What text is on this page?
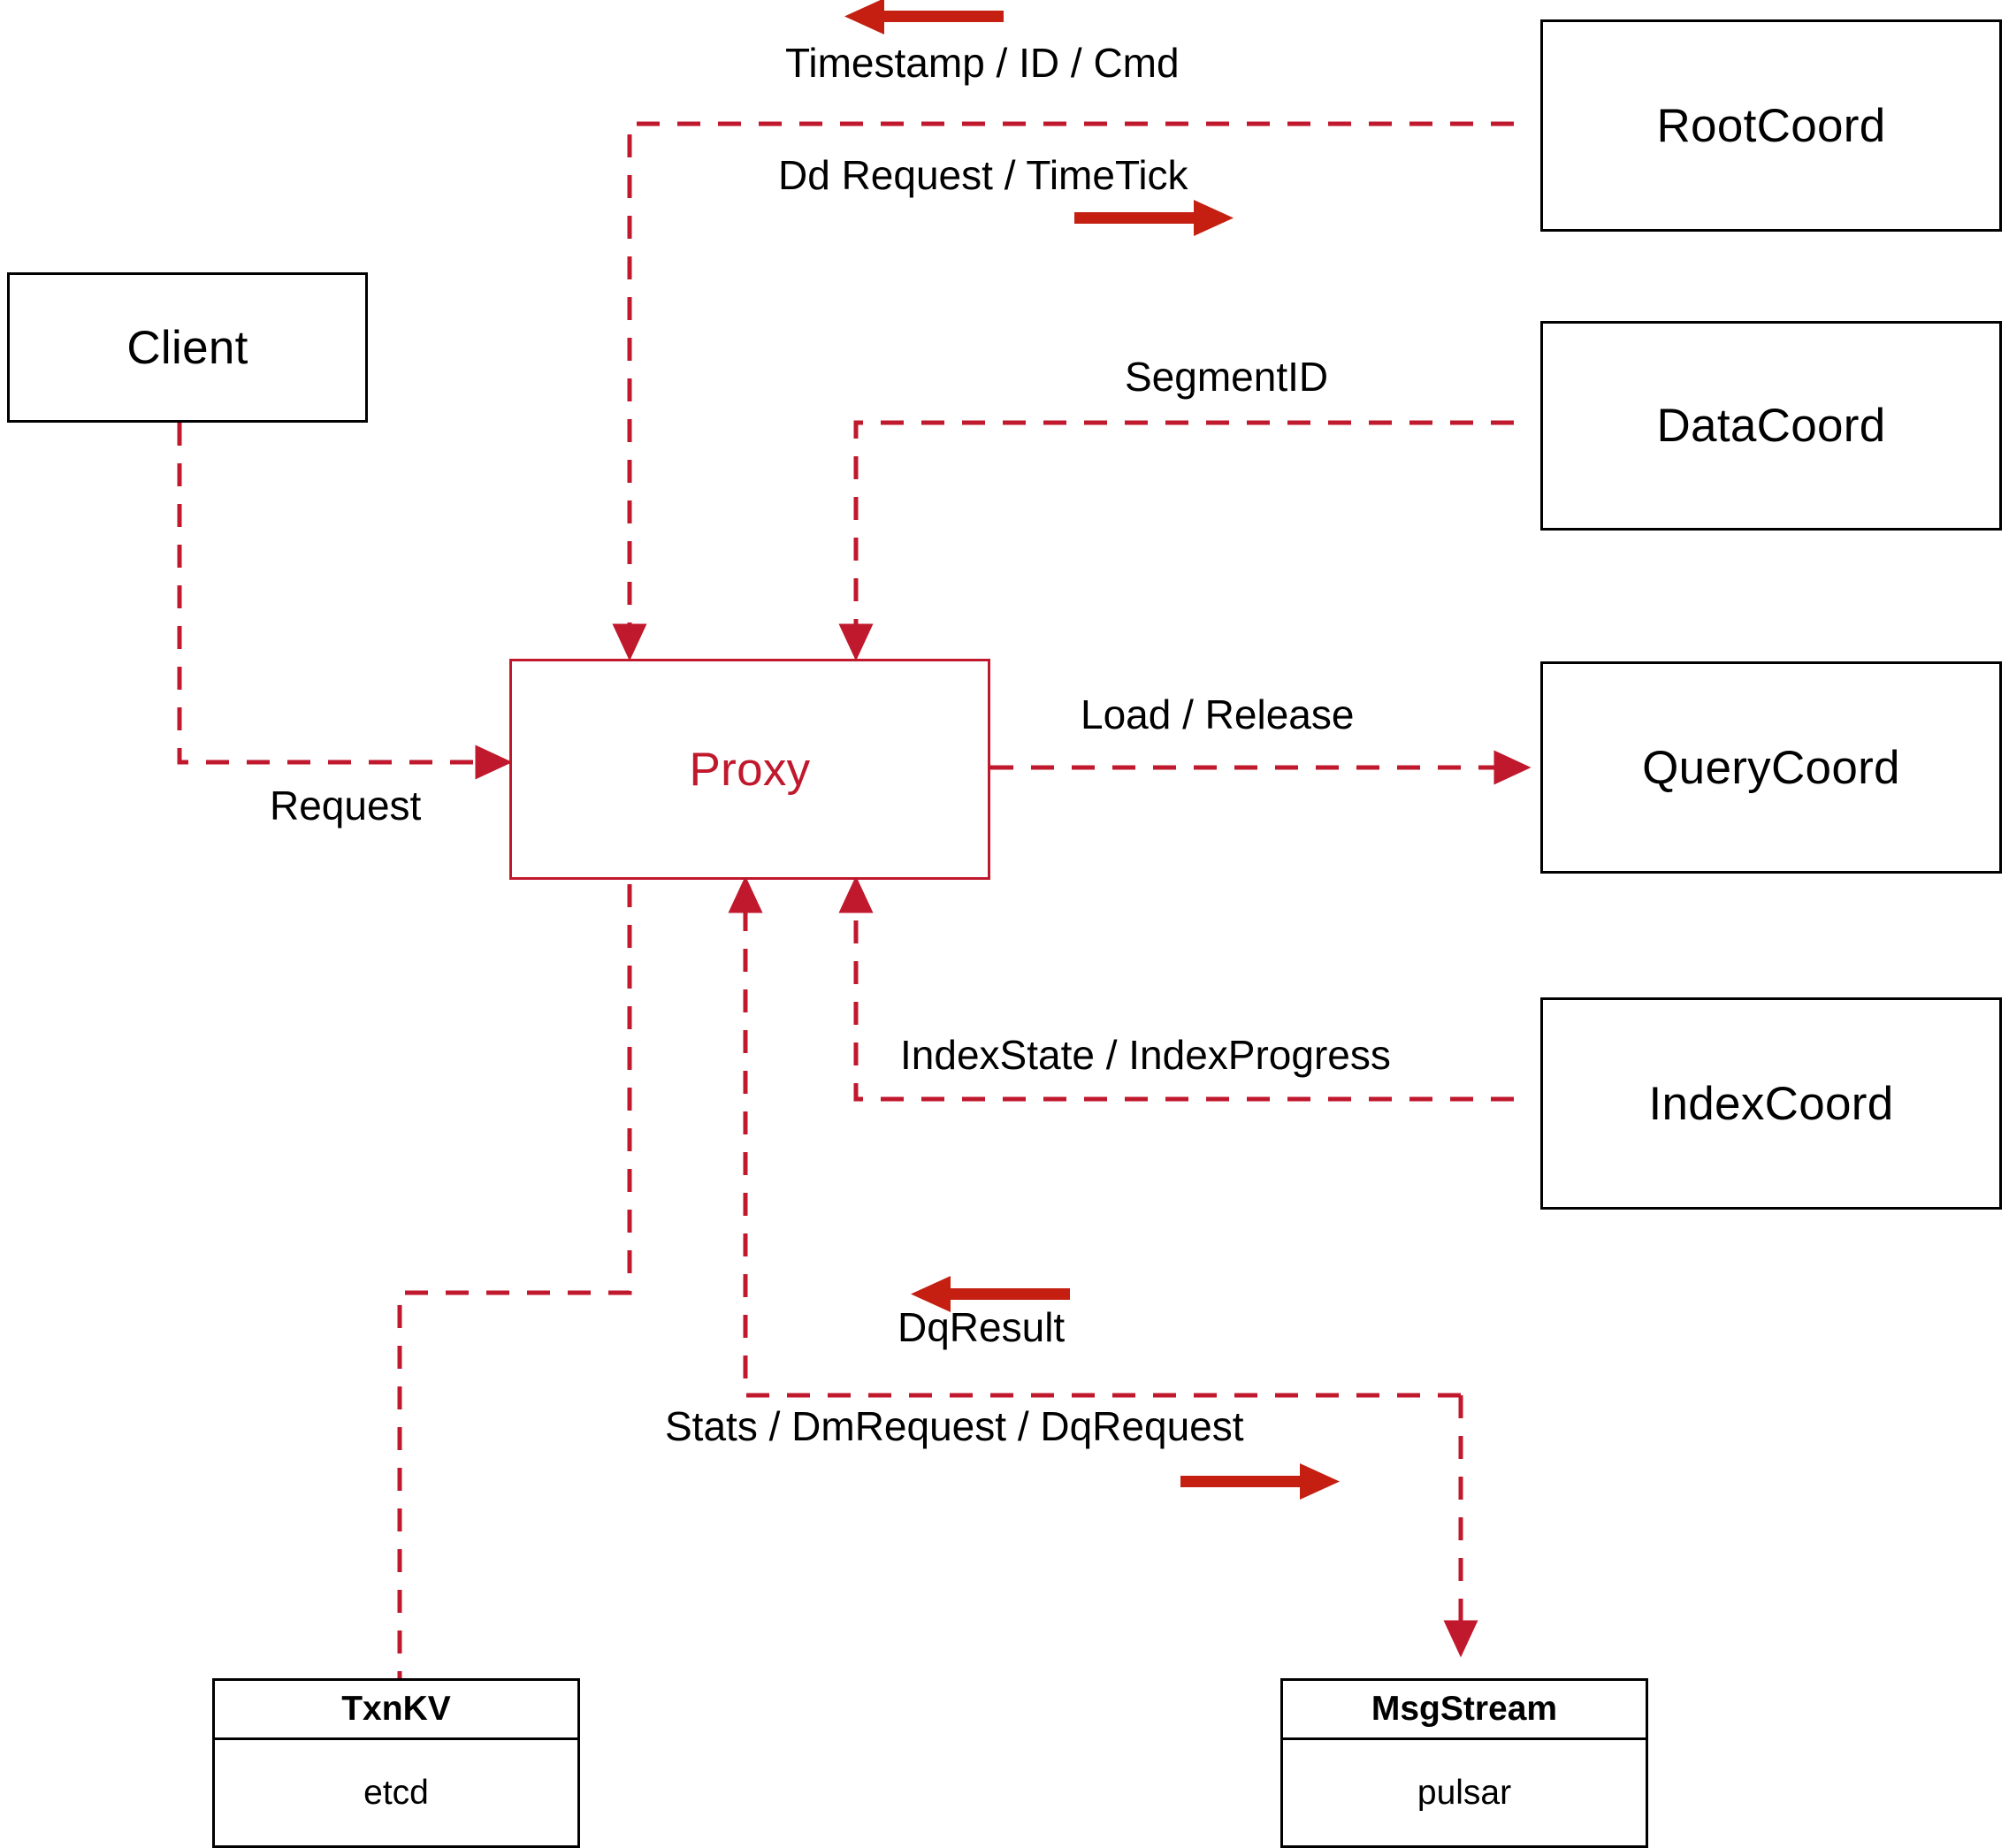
Client
Proxy
RootCoord
DataCoord
QueryCoord
IndexCoord
TxnKV
etcd
MsgStream
pulsar
Timestamp / ID / Cmd
Dd Request / TimeTick
SegmentID
Load / Release
Request
IndexState / IndexProgress
DqResult
Stats / DmRequest / DqRequest
